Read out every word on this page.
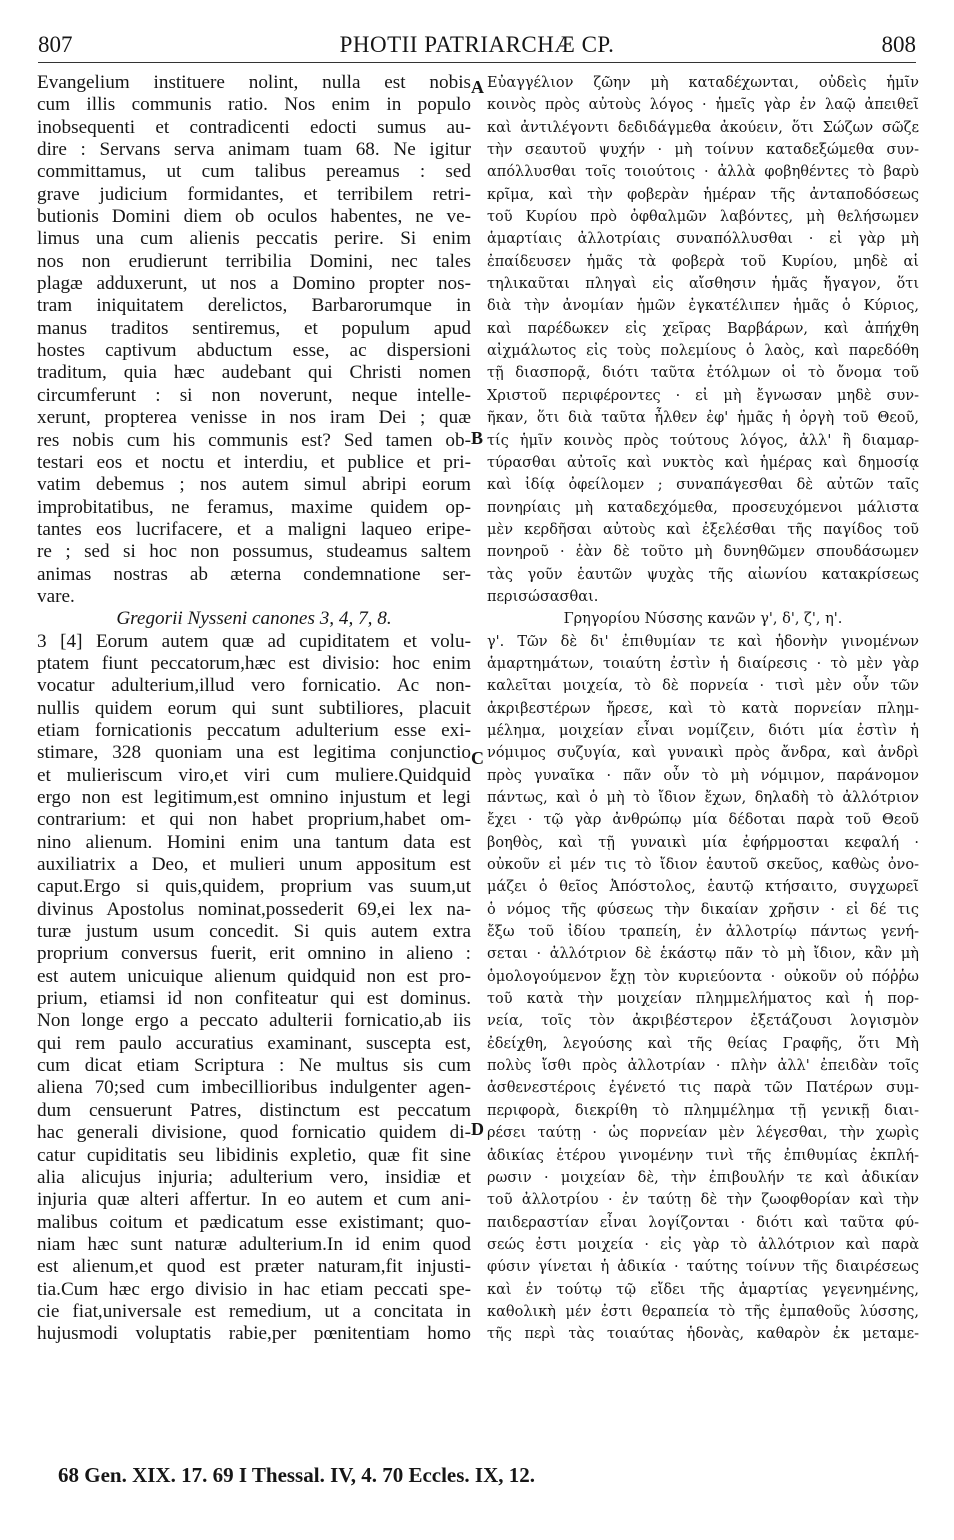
807	PHOTII PATRIARCHÆ CP.	808
Evangelium instituere nolint, nulla est nobis
cum illis communis ratio. Nos enim in populo
inobsequenti et contradicenti edocti sumus au-
dire : Servans serva animam tuam 68. Ne igitur
committamus, ut cum talibus pereamus : sed
grave judicium formidantes, et terribilem retri-
butionis Domini diem ob oculos habentes, ne ve-
limus una cum alienis peccatis perire. Si enim
nos non erudierunt terribilia Domini, nec tales
plagæ adduxerunt, ut nos a Domino propter nos-
tram iniquitatem derelictos, Barbarorumque in
manus traditos sentiremus, et populum apud
hostes captivum abductum esse, ac dispersioni
traditum, quia hæc audebant qui Christi nomen
circumferunt : si non noverunt, neque intelle-
xerunt, propterea venisse in nos iram Dei ; quæ
res nobis cum his communis est? Sed tamen ob-
testari eos et noctu et interdiu, et publice et pri-
vatim debemus ; nos autem simul abripi eorum
improbitatibus, ne feramus, maxime quidem op-
tantes eos lucrifacere, et a maligni laqueo eripe-
re ; sed si hoc non possumus, studeamus saltem
animas nostras ab æterna condemnatione ser-
vare.
Gregorii Nysseni canones 3, 4, 7, 8.
3 [4] Eorum autem quæ ad cupiditatem et volu-
ptatem fiunt peccatorum,hæc est divisio: hoc enim
vocatur adulterium,illud vero fornicatio. Ac non-
nullis quidem eorum qui sunt subtiliores, placuit
etiam fornicationis peccatum adulterium esse exi-
stimare, 328 quoniam una est legitima conjunctio
et mulieriscum viro,et viri cum muliere.Quidquid
ergo non est legitimum,est omnino injustum et legi
contrarium: et qui non habet proprium,habet om-
nino alienum. Homini enim una tantum data est
auxiliatrix a Deo, et mulieri unum appositum est
caput.Ergo si quis,quidem, proprium vas suum,ut
divinus Apostolus nominat,possederit 69,ei lex na-
turæ justum usum concedit. Si quis autem extra
proprium conversus fuerit, erit omnino in alieno :
est autem unicuique alienum quidquid non est pro-
prium, etiamsi id non confiteatur qui est dominus.
Non longe ergo a peccato adulterii fornicatio,ab iis
qui rem paulo accuratius examinant, suscepta est,
cum dicat etiam Scriptura : Ne multus sis cum
aliena 70;sed cum imbecillioribus indulgenter agen-
dum censuerunt Patres, distinctum est peccatum
hac generali divisione, quod fornicatio quidem di-
catur cupiditatis seu libidinis expletio, quæ fit sine
alia alicujus injuria; adulterium vero, insidiæ et
injuria quæ alteri affertur. In eo autem et cum ani-
malibus coitum et pædicatum esse existimant; quo-
niam hæc sunt naturæ adulterium.In id enim quod
est alienum,et quod est præter naturam,fit injusti-
tia.Cum hæc ergo divisio in hac etiam peccati spe-
cie fiat,universale est remedium, ut a concitata in
hujusmodi voluptatis rabie,per pœnitentiam homo
Εὐαγγέλιον ζῶην μὴ καταδέχωνται, οὐδεὶς ἡμῖν
κοινὸς πρὸς αὐτοὺς λόγος · ἡμεῖς γὰρ ἐν λαῷ ἀπειθεῖ
καὶ ἀντιλέγοντι δεδιδάγμεθα ἀκούειν, ὅτι Σώζων σῶζε
τὴν σεαυτοῦ ψυχήν · μὴ τοίνυν καταδεξώμεθα συν-
απόλλυσθαι τοῖς τοιούτοις · ἀλλὰ φοβηθέντες τὸ βαρὺ
κρῖμα, καὶ τὴν φοβερὰν ἡμέραν τῆς ἀνταποδόσεως
τοῦ Κυρίου πρὸ ὀφθαλμῶν λαβόντες, μὴ θελήσωμεν
ἁμαρτίαις ἀλλοτρίαις συναπόλλυσθαι · εἰ γὰρ μὴ
ἐπαίδευσεν ἡμᾶς τὰ φοβερὰ τοῦ Κυρίου, μηδὲ αἱ
τηλικαῦται πληγαὶ εἰς αἴσθησιν ἡμᾶς ἤγαγον, ὅτι
διὰ τὴν ἀνομίαν ἡμῶν ἐγκατέλιπεν ἡμᾶς ὁ Κύριος,
καὶ παρέδωκεν εἰς χεῖρας Βαρβάρων, καὶ ἀπήχθη
αἰχμάλωτος εἰς τοὺς πολεμίους ὁ λαὸς, καὶ παρεδόθη
τῇ διασπορᾷ, διότι ταῦτα ἐτόλμων οἱ τὸ ὄνομα τοῦ
Χριστοῦ περιφέροντες · εἰ μὴ ἔγνωσαν μηδὲ συν-
ῆκαν, ὅτι διὰ ταῦτα ἦλθεν ἐφ' ἡμᾶς ἡ ὀργὴ τοῦ Θεοῦ,
τίς ἡμῖν κοινὸς πρὸς τούτους λόγος, ἀλλ' ἢ διαμαρ-
τύρασθαι αὐτοῖς καὶ νυκτὸς καὶ ἡμέρας καὶ δημοσίᾳ
καὶ ἰδίᾳ ὀφείλομεν ; συναπάγεσθαι δὲ αὐτῶν ταῖς
πονηρίαις μὴ καταδεχόμεθα, προσευχόμενοι μάλιστα
μὲν κερδῆσαι αὐτοὺς καὶ ἐξελέσθαι τῆς παγίδος τοῦ
πονηροῦ · ἐὰν δὲ τοῦτο μὴ δυνηθῶμεν σπουδάσωμεν
τὰς γοῦν ἑαυτῶν ψυχὰς τῆς αἰωνίου κατακρίσεως
περισώσασθαι.
Γρηγορίου Νύσσης κανῶν γ', δ', ζ', η'.
γ'. Τῶν δὲ δι' ἐπιθυμίαν τε καὶ ἡδονὴν γινομένων
ἁμαρτημάτων, τοιαύτη ἐστὶν ἡ διαίρεσις · τὸ μὲν γὰρ
καλεῖται μοιχεία, τὸ δὲ πορνεία · τισὶ μὲν οὖν τῶν
ἀκριβεστέρων ἤρεσε, καὶ τὸ κατὰ πορνείαν πλημ-
μέλημα, μοιχείαν εἶναι νομίζειν, διότι μία ἐστὶν ἡ
νόμιμος συζυγία, καὶ γυναικὶ πρὸς ἄνδρα, καὶ ἀνδρὶ
πρὸς γυναῖκα · πᾶν οὖν τὸ μὴ νόμιμον, παράνομον
πάντως, καὶ ὁ μὴ τὸ ἴδιον ἔχων, δηλαδὴ τὸ ἀλλότριον
ἔχει · τῷ γὰρ ἀνθρώπῳ μία δέδοται παρὰ τοῦ Θεοῦ
βοηθὸς, καὶ τῇ γυναικὶ μία ἐφήρμοσται κεφαλή ·
οὐκοῦν εἰ μέν τις τὸ ἴδιον ἑαυτοῦ σκεῦος, καθὼς ὀνο-
μάζει ὁ θεῖος Ἀπόστολος, ἑαυτῷ κτήσαιτο, συγχωρεῖ
ὁ νόμος τῆς φύσεως τὴν δικαίαν χρῆσιν · εἰ δέ τις
ἔξω τοῦ ἰδίου τραπείη, ἐν ἀλλοτρίῳ πάντως γενή-
σεται · ἀλλότριον δὲ ἑκάστῳ πᾶν τὸ μὴ ἴδιον, κἂν μὴ
ὁμολογούμενον ἔχῃ τὸν κυριεύοντα · οὐκοῦν οὐ πόῤῥω
τοῦ κατὰ τὴν μοιχείαν πλημμελήματος καὶ ἡ πορ-
νεία, τοῖς τὸν ἀκριβέστερον ἐξετάζουσι λογισμὸν
ἐδείχθη, λεγούσης καὶ τῆς θείας Γραφῆς, ὅτι Μὴ
πολὺς ἴσθι πρὸς ἀλλοτρίαν · πλὴν ἀλλ' ἐπειδὰν τοῖς
ἀσθενεστέροις ἐγένετό τις παρὰ τῶν Πατέρων συμ-
περιφορὰ, διεκρίθη τὸ πλημμέλημα τῇ γενικῇ διαι-
ρέσει ταύτῃ · ὡς πορνείαν μὲν λέγεσθαι, τὴν χωρὶς
ἀδικίας ἑτέρου γινομένην τινὶ τῆς ἐπιθυμίας ἐκπλή-
ρωσιν · μοιχείαν δὲ, τὴν ἐπιβουλήν τε καὶ ἀδικίαν
τοῦ ἀλλοτρίου · ἐν ταύτῃ δὲ τὴν ζωοφθορίαν καὶ τὴν
παιδεραστίαν εἶναι λογίζονται · διότι καὶ ταῦτα φύ-
σεώς ἐστι μοιχεία · εἰς γὰρ τὸ ἀλλότριον καὶ παρὰ
φύσιν γίνεται ἡ ἀδικία · ταύτης τοίνυν τῆς διαιρέσεως
καὶ ἐν τούτῳ τῷ εἴδει τῆς ἁμαρτίας γεγενημένης,
καθολικὴ μέν ἐστι θεραπεία τὸ τῆς ἐμπαθοῦς λύσσης,
τῆς περὶ τὰς τοιαύτας ἡδονὰς, καθαρὸν ἐκ μεταμε-
A
B
C
D
68 Gen. XIX. 17. 69 I Thessal. IV, 4. 70 Eccles. IX, 12.
